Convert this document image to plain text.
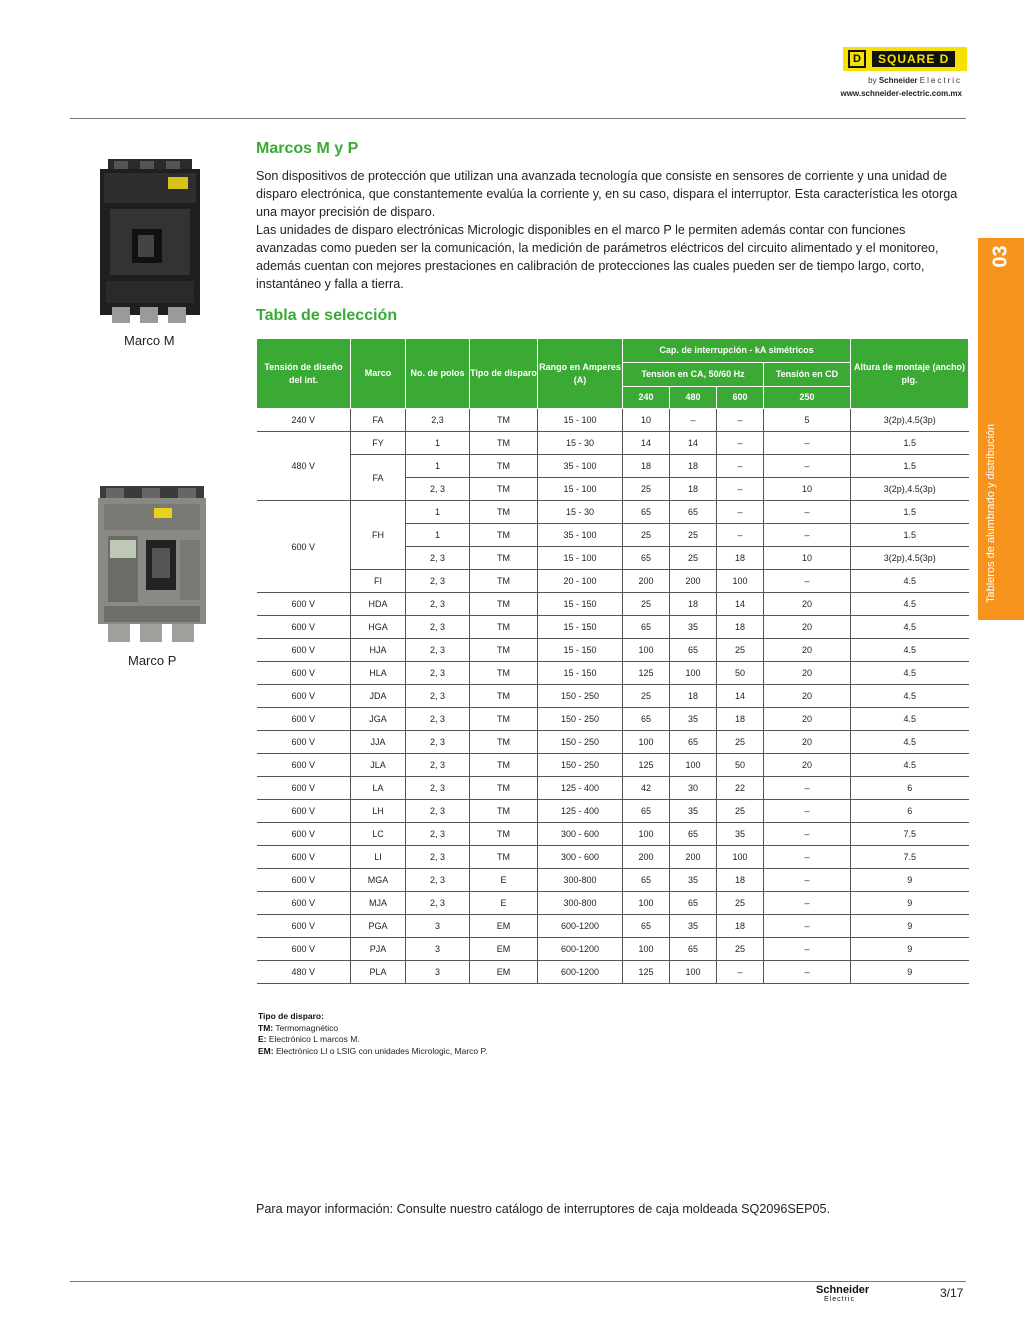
D	SQUARE D
by Schneider Electric
www.schneider-electric.com.mx
03
Tableros de alumbrado y distribución
Marco M
Marco P
Marcos M y P
Son dispositivos de protección que utilizan una avanzada tecnología que consiste en sensores de corriente y una unidad de disparo electrónica, que constantemente evalúa la corriente y, en su caso, dispara el interruptor. Esta característica les otorga una mayor precisión de disparo.
Las unidades de disparo electrónicas Micrologic disponibles en el marco P le permiten además contar con funciones avanzadas como pueden ser la comunicación, la medición de parámetros eléctricos del circuito alimentado y el monitoreo, además cuentan con mejores prestaciones en calibración de protecciones las cuales pueden ser de tiempo largo, corto, instantáneo y falla a tierra.
Tabla de selección
Tensión de diseño del int.	Marco	No. de polos	Tipo de disparo	Rango en Amperes (A)	Cap. de interrupción - kA simétricos				Altura de montaje (ancho) plg.
					Tensión en CA, 50/60 Hz			Tensión en CD	
					240	480	600	250	
240 V	FA	2,3	TM	15 - 100	10	–	–	5	3(2p),4.5(3p)
480 V	FY	1	TM	15 - 30	14	14	–	–	1.5
	FA	1	TM	35 - 100	18	18	–	–	1.5
		2, 3	TM	15 - 100	25	18	–	10	3(2p),4.5(3p)
600 V	FH	1	TM	15 - 30	65	65	–	–	1.5
		1	TM	35 - 100	25	25	–	–	1.5
		2, 3	TM	15 - 100	65	25	18	10	3(2p),4.5(3p)
	FI	2, 3	TM	20 - 100	200	200	100	–	4.5
600 V	HDA	2, 3	TM	15 - 150	25	18	14	20	4.5
600 V	HGA	2, 3	TM	15 - 150	65	35	18	20	4.5
600 V	HJA	2, 3	TM	15 - 150	100	65	25	20	4.5
600 V	HLA	2, 3	TM	15 - 150	125	100	50	20	4.5
600 V	JDA	2, 3	TM	150 - 250	25	18	14	20	4.5
600 V	JGA	2, 3	TM	150 - 250	65	35	18	20	4.5
600 V	JJA	2, 3	TM	150 - 250	100	65	25	20	4.5
600 V	JLA	2, 3	TM	150 - 250	125	100	50	20	4.5
600 V	LA	2, 3	TM	125 - 400	42	30	22	–	6
600 V	LH	2, 3	TM	125 - 400	65	35	25	–	6
600 V	LC	2, 3	TM	300 - 600	100	65	35	–	7.5
600 V	LI	2, 3	TM	300 - 600	200	200	100	–	7.5
600 V	MGA	2, 3	E	300-800	65	35	18	–	9
600 V	MJA	2, 3	E	300-800	100	65	25	–	9
600 V	PGA	3	EM	600-1200	65	35	18	–	9
600 V	PJA	3	EM	600-1200	100	65	25	–	9
480 V	PLA	3	EM	600-1200	125	100	–	–	9
Tipo de disparo:
TM: Termomagnético
E: Electrónico L marcos M.
EM: Electrónico LI o LSIG con unidades Micrologic, Marco P.
Para mayor información: Consulte nuestro catálogo de interruptores de caja moldeada SQ2096SEP05.
Schneider
Electric	3/17
